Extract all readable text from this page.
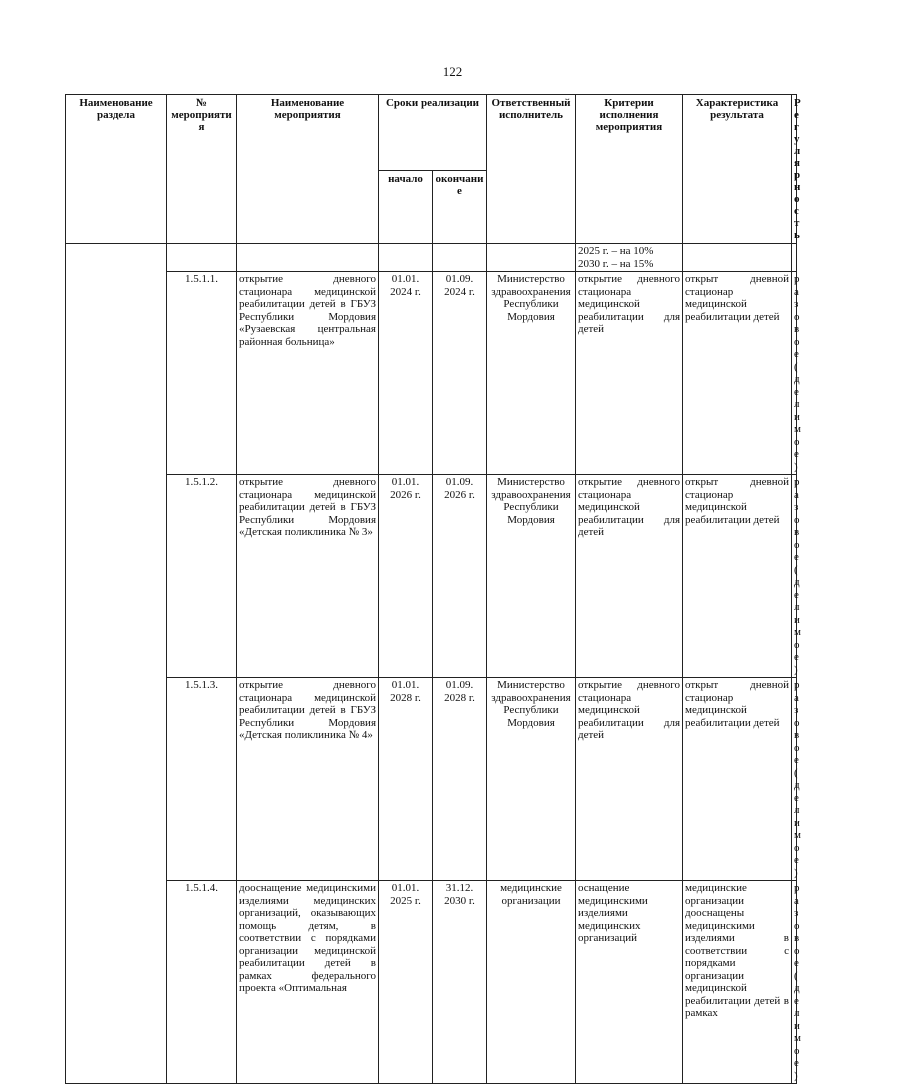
122
Наименование раздела	№ мероприятия	Наименование мероприятия	Сроки реализации		Ответственный исполнитель	Критерии исполнения мероприятия	Характеристика результата	Регулярность
			начало	окончание				
						2025 г. – на 10%
2030 г. – на 15%		
	1.5.1.1.	открытие дневного стационара медицинской реабилитации детей в ГБУЗ Республики Мордовия «Рузаевская центральная районная больница»	01.01. 2024 г.	01.09. 2024 г.	Министерство здравоохранения Республики Мордовия	открытие дневного стационара медицинской реабилитации для детей	открыт дневной стационар медицинской реабилитации детей	разовое (делимое)
	1.5.1.2.	открытие дневного стационара медицинской реабилитации детей в ГБУЗ Республики Мордовия «Детская поликлиника № 3»	01.01. 2026 г.	01.09. 2026 г.	Министерство здравоохранения Республики Мордовия	открытие дневного стационара медицинской реабилитации для детей	открыт дневной стационар медицинской реабилитации детей	разовое (делимое)
	1.5.1.3.	открытие дневного стационара медицинской реабилитации детей в ГБУЗ Республики Мордовия «Детская поликлиника № 4»	01.01. 2028 г.	01.09. 2028 г.	Министерство здравоохранения Республики Мордовия	открытие дневного стационара медицинской реабилитации для детей	открыт дневной стационар медицинской реабилитации детей	разовое (делимое)
	1.5.1.4.	дооснащение медицинскими изделиями медицинских организаций, оказывающих помощь детям, в соответствии с порядками организации медицинской реабилитации детей в рамках федерального проекта «Оптимальная	01.01. 2025 г.	31.12. 2030 г.	медицинские организации	оснащение медицинскими изделиями медицинских организаций	медицинские организации дооснащены медицинскими изделиями в соответствии с порядками организации медицинской реабилитации детей в рамках	разовое (делимое)
